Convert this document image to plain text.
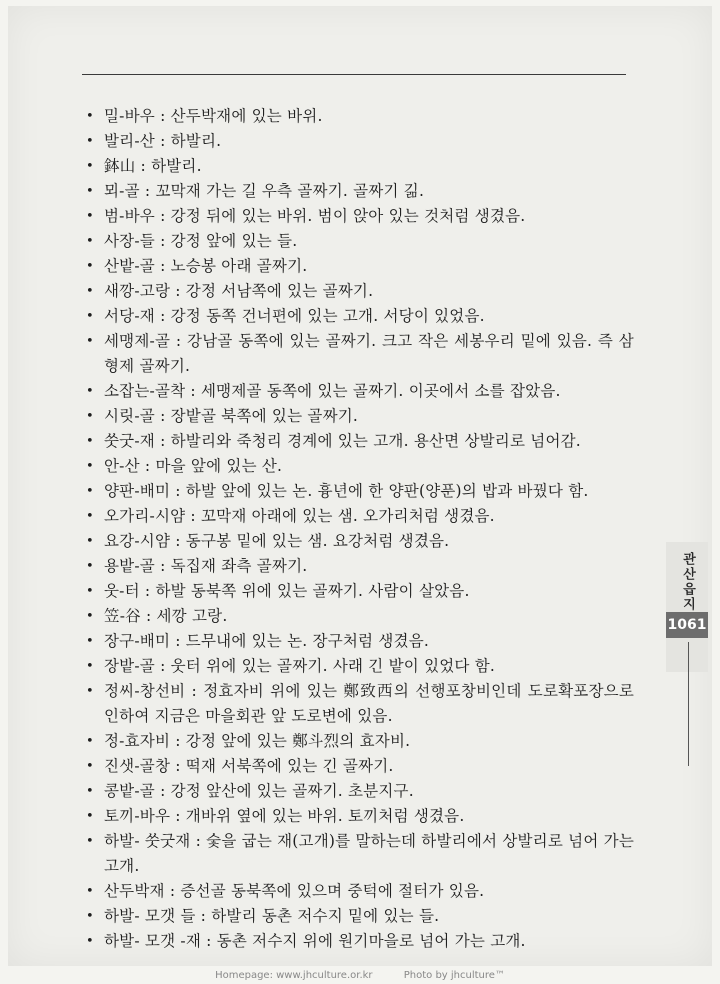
• 밀-바우 : 산두박재에 있는 바위.
• 발리-산 : 하발리.
• 鉢山 : 하발리.
• 뫼-골 : 꼬막재 가는 길 우측 골짜기. 골짜기 긺.
• 범-바우 : 강정 뒤에 있는 바위. 범이 앉아 있는 것처럼 생겼음.
• 사장-들 : 강정 앞에 있는 들.
• 산밭-골 : 노승봉 아래 골짜기.
• 새깡-고랑 : 강정 서남쪽에 있는 골짜기.
• 서당-재 : 강정 동쪽 건너편에 있는 고개. 서당이 있었음.
• 세맹제-골 : 강남골 동쪽에 있는 골짜기. 크고 작은 세봉우리 밑에 있음. 즉 삼형제 골짜기.
• 소잡는-골착 : 세맹제골 동쪽에 있는 골짜기. 이곳에서 소를 잡았음.
• 시릿-골 : 장밭골 북쪽에 있는 골짜기.
• 쑷굿-재 : 하발리와 죽청리 경계에 있는 고개. 용산면 상발리로 넘어감.
• 안-산 : 마을 앞에 있는 산.
• 양판-배미 : 하발 앞에 있는 논. 흉년에 한 양판(양푼)의 밥과 바꿨다 함.
• 오가리-시얌 : 꼬막재 아래에 있는 샘. 오가리처럼 생겼음.
• 요강-시얌 : 동구봉 밑에 있는 샘. 요강처럼 생겼음.
• 용밭-골 : 독집재 좌측 골짜기.
• 웃-터 : 하발 동북쪽 위에 있는 골짜기. 사람이 살았음.
• 笠-谷 : 세깡 고랑.
• 장구-배미 : 드무내에 있는 논. 장구처럼 생겼음.
• 장밭-골 : 웃터 위에 있는 골짜기. 사래 긴 밭이 있었다 함.
• 정씨-창선비 : 정효자비 위에 있는 鄭致西의 선행포창비인데 도로확포장으로 인하여 지금은 마을회관 앞 도로변에 있음.
• 정-효자비 : 강정 앞에 있는 鄭斗烈의 효자비.
• 진샛-골창 : 떡재 서북쪽에 있는 긴 골짜기.
• 콩밭-골 : 강정 앞산에 있는 골짜기. 초분지구.
• 토끼-바우 : 개바위 옆에 있는 바위. 토끼처럼 생겼음.
• 하발- 쑷굿재 : 숯을 굽는 재(고개)를 말하는데 하발리에서 상발리로 넘어 가는 고개.
• 산두박재 : 증선골 동북쪽에 있으며 중턱에 절터가 있음.
• 하발- 모갯 들 : 하발리 동촌 저수지 밑에 있는 들.
• 하발- 모갯 -재 : 동촌 저수지 위에 원기마을로 넘어 가는 고개.
관산읍지
1061
Homepage: www.jhculture.or.kr	Photo by jhculture™
